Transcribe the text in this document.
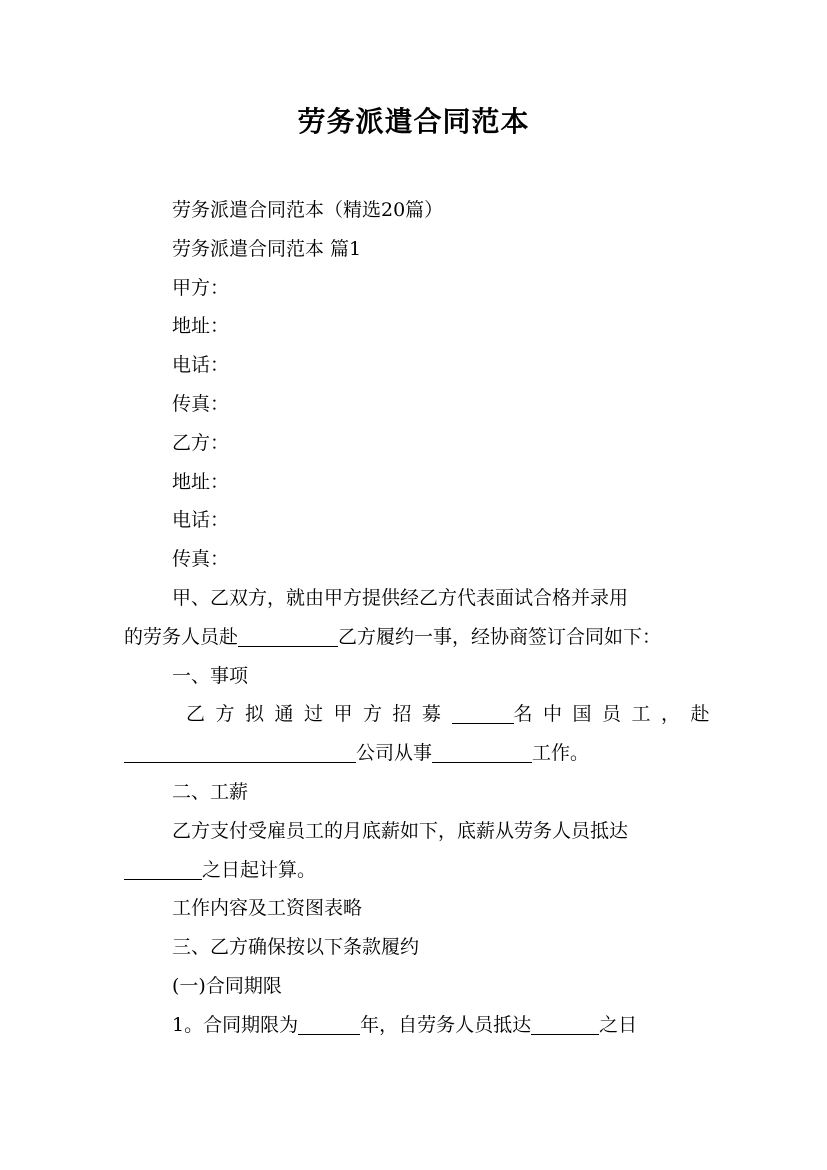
劳务派遣合同范本
劳务派遣合同范本（精选20篇）
劳务派遣合同范本 篇1
甲方：
地址：
电话：
传真：
乙方：
地址：
电话：
传真：
甲、乙双方，就由甲方提供经乙方代表面试合格并录用
的劳务人员赴	乙方履约一事，经协商签订合同如下：
一、事项
乙方拟通过甲方招募	名中国员工，赴
公司从事	工作。
二、工薪
乙方支付受雇员工的月底薪如下，底薪从劳务人员抵达
之日起计算。
工作内容及工资图表略
三、乙方确保按以下条款履约
(一)合同期限
1。合同期限为	年，自劳务人员抵达	之日
